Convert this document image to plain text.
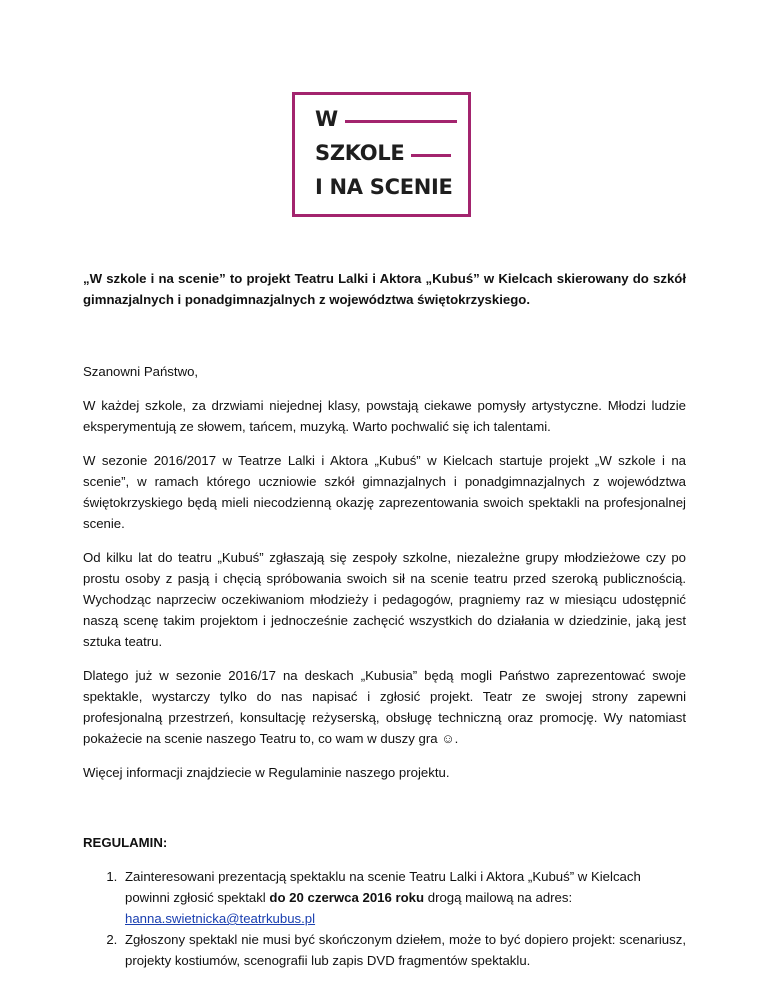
W
SZKOLE
I NA SCENIE

„W szkole i na scenie” to projekt Teatru Lalki i Aktora „Kubuś” w Kielcach skierowany do szkół gimnazjalnych i ponadgimnazjalnych z województwa świętokrzyskiego.

Szanowni Państwo,

W każdej szkole, za drzwiami niejednej klasy, powstają ciekawe pomysły artystyczne. Młodzi ludzie eksperymentują ze słowem, tańcem, muzyką. Warto pochwalić się ich talentami.

W sezonie 2016/2017 w Teatrze Lalki i Aktora „Kubuś” w Kielcach startuje projekt „W szkole i na scenie”, w ramach którego uczniowie szkół gimnazjalnych i ponadgimnazjalnych z województwa świętokrzyskiego będą mieli niecodzienną okazję zaprezentowania swoich spektakli na profesjonalnej scenie.

Od kilku lat do teatru „Kubuś” zgłaszają się zespoły szkolne, niezależne grupy młodzieżowe czy po prostu osoby z pasją i chęcią spróbowania swoich sił na scenie teatru przed szeroką publicznością. Wychodząc naprzeciw oczekiwaniom młodzieży i pedagogów, pragniemy raz w miesiącu udostępnić naszą scenę takim projektom i jednocześnie zachęcić wszystkich do działania w dziedzinie, jaką jest sztuka teatru.

Dlatego już w sezonie 2016/17 na deskach „Kubusia” będą mogli Państwo zaprezentować swoje spektakle, wystarczy tylko do nas napisać i zgłosić projekt. Teatr ze swojej strony zapewni profesjonalną przestrzeń, konsultację reżyserską, obsługę techniczną oraz promocję. Wy natomiast pokażecie na scenie naszego Teatru to, co wam w duszy gra ☺.

Więcej informacji znajdziecie w Regulaminie naszego projektu.

REGULAMIN:

1. Zainteresowani prezentacją spektaklu na scenie Teatru Lalki i Aktora „Kubuś” w Kielcach powinni zgłosić spektakl do 20 czerwca 2016 roku drogą mailową na adres:
hanna.swietnicka@teatrkubus.pl
2. Zgłoszony spektakl nie musi być skończonym dziełem, może to być dopiero projekt: scenariusz, projekty kostiumów, scenografii lub zapis DVD fragmentów spektaklu.
